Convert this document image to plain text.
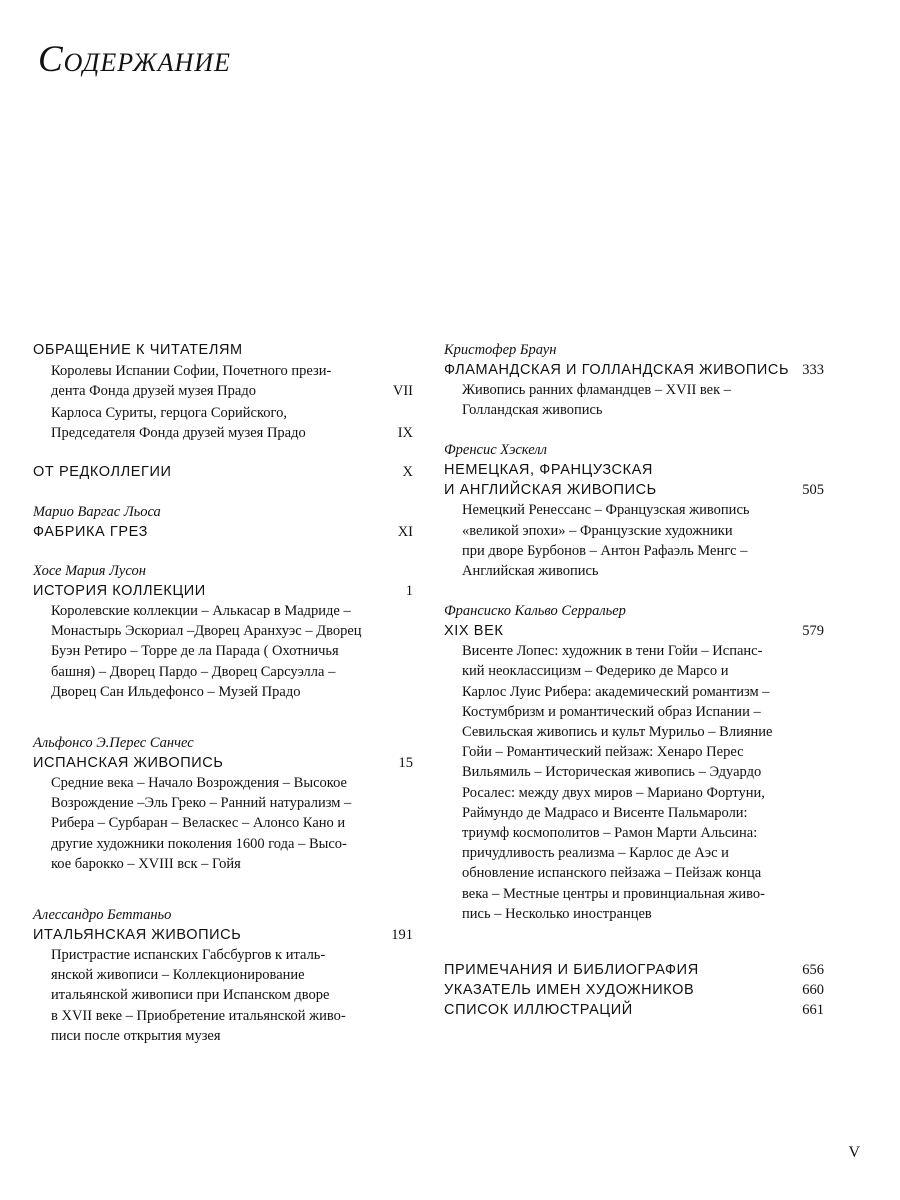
Содержание
ОБРАЩЕНИЕ К ЧИТАТЕЛЯМ
Королевы Испании Софии, Почетного прези-
дента Фонда друзей музея Прадо	VII
Карлоса Суриты, герцога Сорийского,
Председателя Фонда друзей музея Прадо	IX
ОТ РЕДКОЛЛЕГИИ	X
Марио Варгас Льоса
ФАБРИКА ГРЕЗ	XI
Хосе Мария Лусон
ИСТОРИЯ КОЛЛЕКЦИИ	1
Королевские коллекции – Алькасар в Мадриде –
Монастырь Эскориал –Дворец Аранхуэс – Дворец
Буэн Ретиро – Торре де ла Парада ( Охотничья
башня) – Дворец Пардо – Дворец Сарсуэлла –
Дворец Сан Ильдефонсо – Музей Прадо
Альфонсо Э.Перес Санчес
ИСПАНСКАЯ ЖИВОПИСЬ	15
Средние века – Начало Возрождения – Высокое
Возрождение –Эль Греко – Ранний натурализм –
Рибера – Сурбаран – Веласкес – Алонсо Кано и
другие художники поколения 1600 года – Высо-
кое барокко – XVIII вск – Гойя
Алессандро Беттаньо
ИТАЛЬЯНСКАЯ ЖИВОПИСЬ	191
Пристрастие испанских Габсбургов к италь-
янской живописи – Коллекционирование
итальянской живописи при Испанском дворе
в XVII веке – Приобретение итальянской живо-
писи после открытия музея
Кристофер Браун
ФЛАМАНДСКАЯ И ГОЛЛАНДСКАЯ ЖИВОПИСЬ 333
Живопись ранних фламандцев – XVII век –
Голландская живопись
Френсис Хэскелл
НЕМЕЦКАЯ, ФРАНЦУЗСКАЯ
И АНГЛИЙСКАЯ ЖИВОПИСЬ	505
Немецкий Ренессанс – Французская живопись
«великой эпохи» – Французские художники
при дворе Бурбонов – Антон Рафаэль Менгс –
Английская живопись
Франсиско Кальво Серральер
XIX ВЕК	579
Висенте Лопес: художник в тени Гойи – Испанс-
кий неоклассицизм – Федерико де Марсо и
Карлос Луис Рибера: академический романтизм –
Костумбризм и романтический образ Испании –
Севильская живопись и культ Мурильо – Влияние
Гойи – Романтический пейзаж: Хенаро Перес
Вильямиль – Историческая живопись – Эдуардо
Росалес: между двух миров – Мариано Фортуни,
Раймундо де Мадрасо и Висенте Пальмароли:
триумф космополитов – Рамон Марти Альсина:
причудливость реализма – Карлос де Аэс и
обновление испанского пейзажа – Пейзаж конца
века – Местные центры и провинциальная живо-
пись – Несколько иностранцев
ПРИМЕЧАНИЯ И БИБЛИОГРАФИЯ	656
УКАЗАТЕЛЬ ИМЕН ХУДОЖНИКОВ	660
СПИСОК ИЛЛЮСТРАЦИЙ	661
V
